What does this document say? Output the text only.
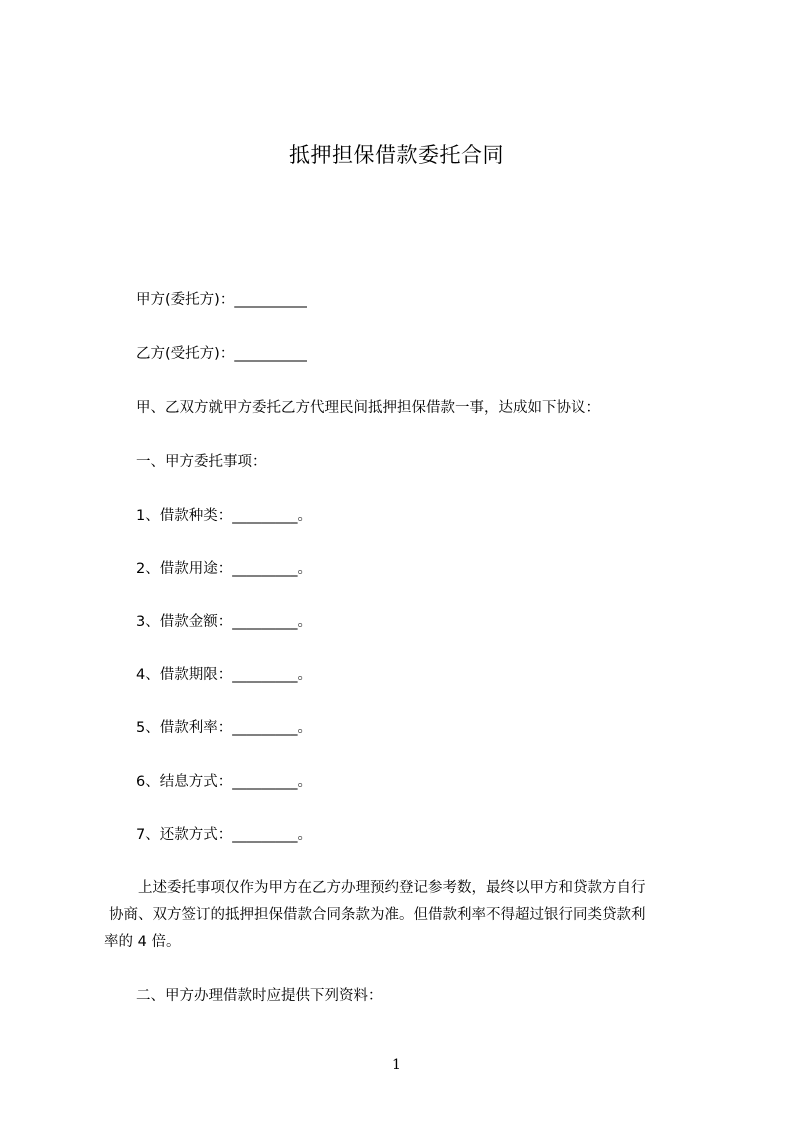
抵押担保借款委托合同
甲方(委托方)：__________
乙方(受托方)：__________
甲、乙双方就甲方委托乙方代理民间抵押担保借款一事，达成如下协议：
一、甲方委托事项：
1、借款种类：_________。
2、借款用途：_________。
3、借款金额：_________。
4、借款期限：_________。
5、借款利率：_________。
6、结息方式：_________。
7、还款方式：_________。
上述委托事项仅作为甲方在乙方办理预约登记参考数，最终以甲方和贷款方自行
协商、双方签订的抵押担保借款合同条款为准。但借款利率不得超过银行同类贷款利
率的 4 倍。
二、甲方办理借款时应提供下列资料：
1
